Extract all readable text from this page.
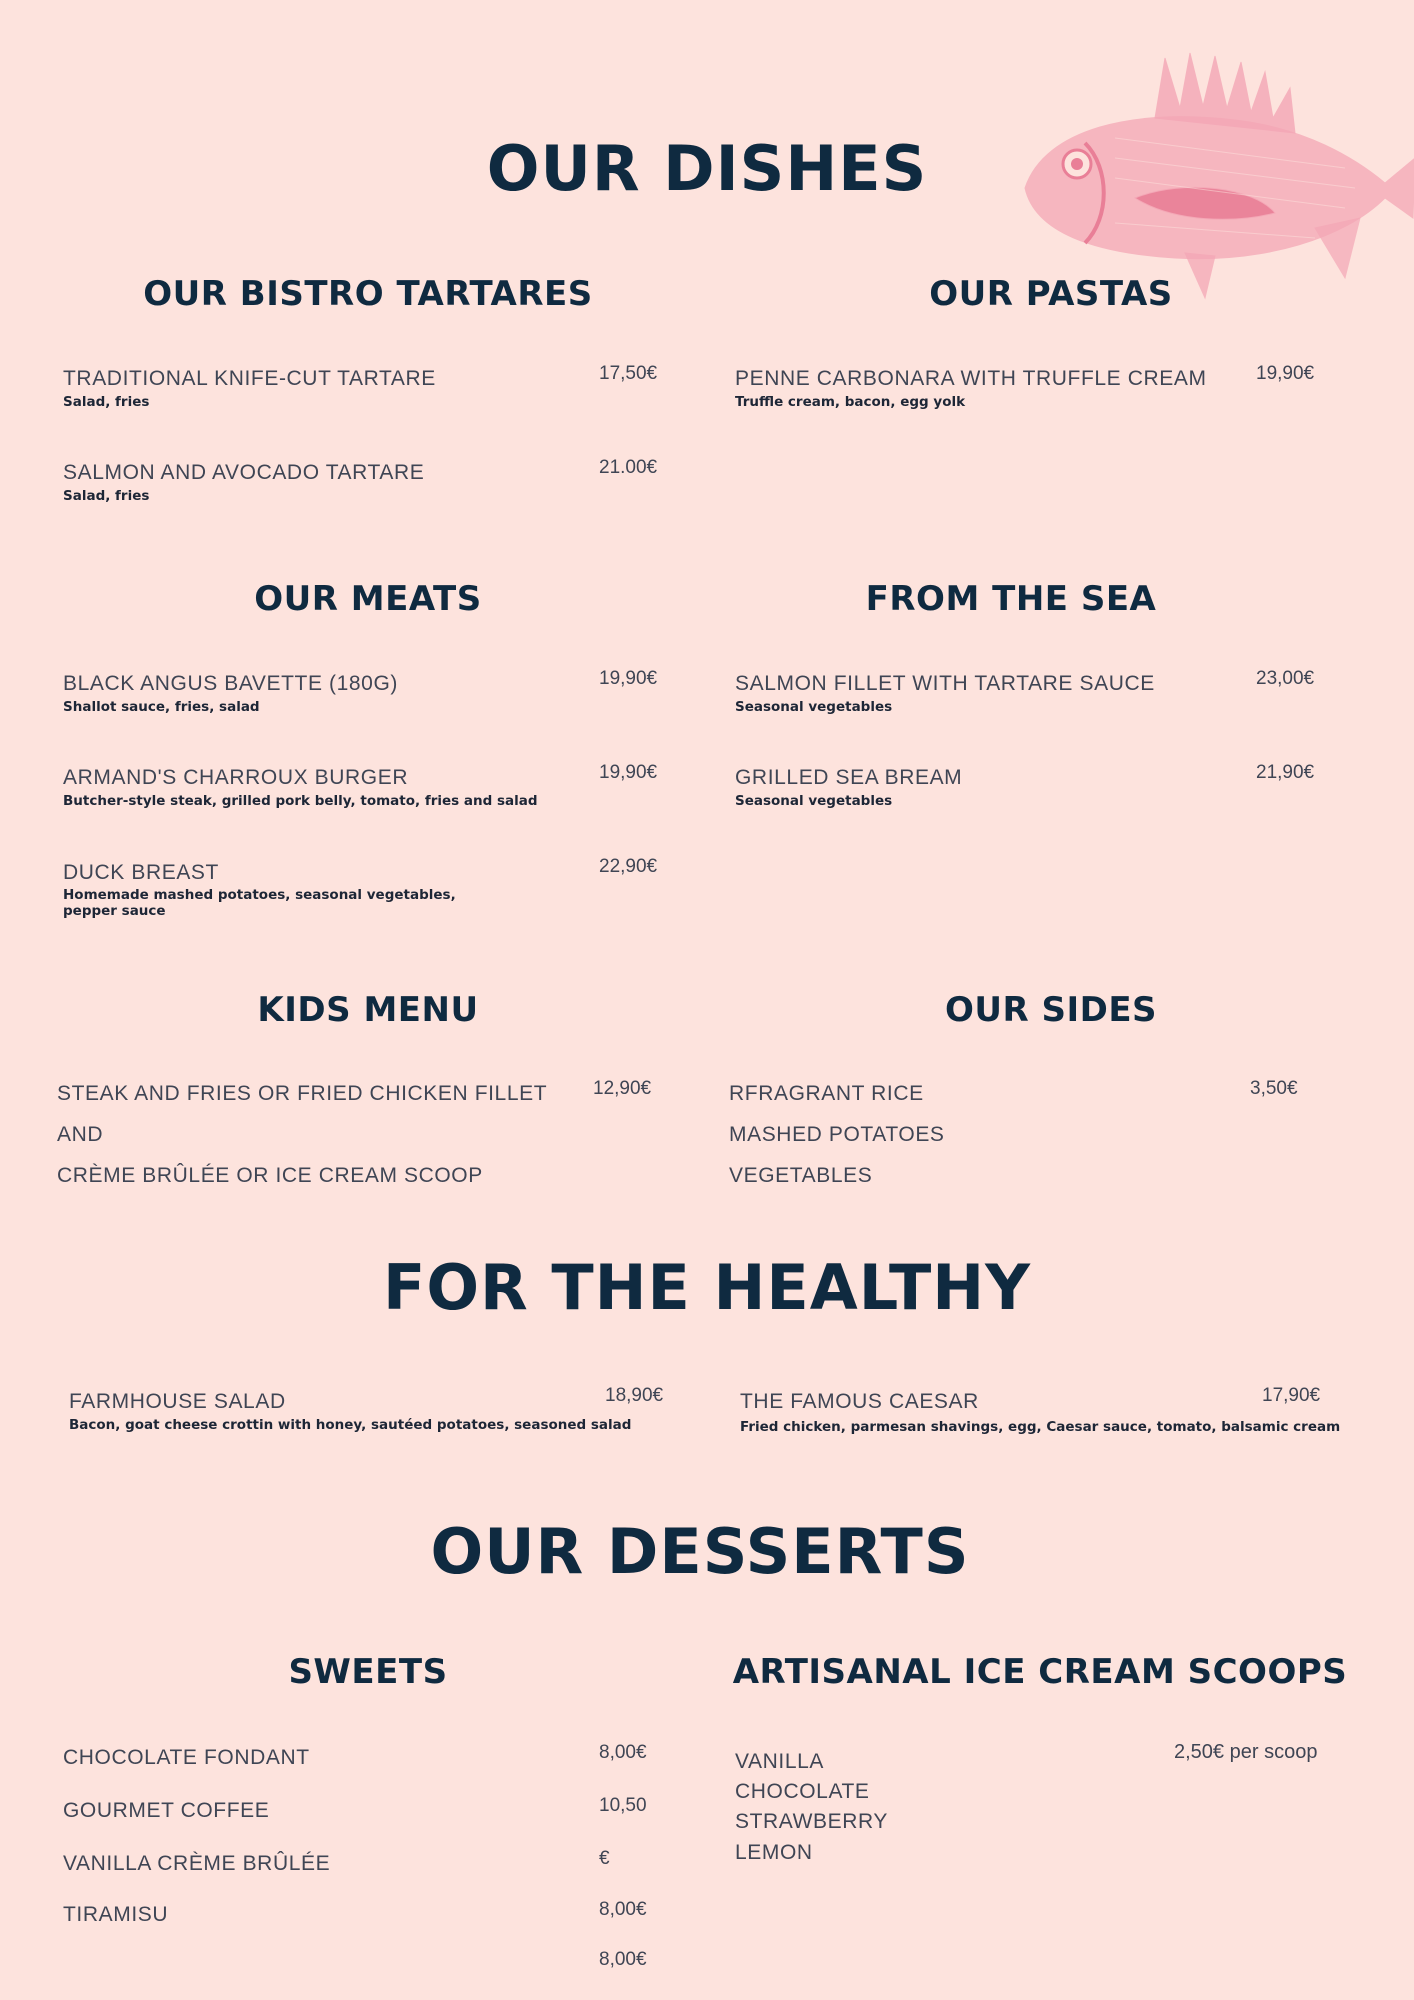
OUR DISHES
OUR BISTRO TARTARES
TRADITIONAL KNIFE-CUT TARTARE
Salad, fries
17,50€
SALMON AND AVOCADO TARTARE
Salad, fries
21.00€
OUR PASTAS
PENNE CARBONARA WITH TRUFFLE CREAM
Truffle cream, bacon, egg yolk
19,90€
OUR MEATS
BLACK ANGUS BAVETTE (180G)
Shallot sauce, fries, salad
19,90€
ARMAND'S CHARROUX BURGER
Butcher-style steak, grilled pork belly, tomato, fries and salad
19,90€
DUCK BREAST
Homemade mashed potatoes, seasonal vegetables,
pepper sauce
22,90€
FROM THE SEA
SALMON FILLET WITH TARTARE SAUCE
Seasonal vegetables
23,00€
GRILLED SEA BREAM
Seasonal vegetables
21,90€
KIDS MENU
STEAK AND FRIES OR FRIED CHICKEN FILLET
AND
CRÈME BRÛLÉE OR ICE CREAM SCOOP
12,90€
OUR SIDES
RFRAGRANT RICE
MASHED POTATOES
VEGETABLES
3,50€
FOR THE HEALTHY
FARMHOUSE SALAD
Bacon, goat cheese crottin with honey, sautéed potatoes, seasoned salad
18,90€	THE FAMOUS CAESAR
Fried chicken, parmesan shavings, egg, Caesar sauce, tomato, balsamic cream
17,90€
OUR DESSERTS
SWEETS
CHOCOLATE FONDANT
GOURMET COFFEE
VANILLA CRÈME BRÛLÉE
TIRAMISU
8,00€
10,50
€
8,00€
8,00€
ARTISANAL ICE CREAM SCOOPS
VANILLA
CHOCOLATE
STRAWBERRY
LEMON
2,50€ per scoop
